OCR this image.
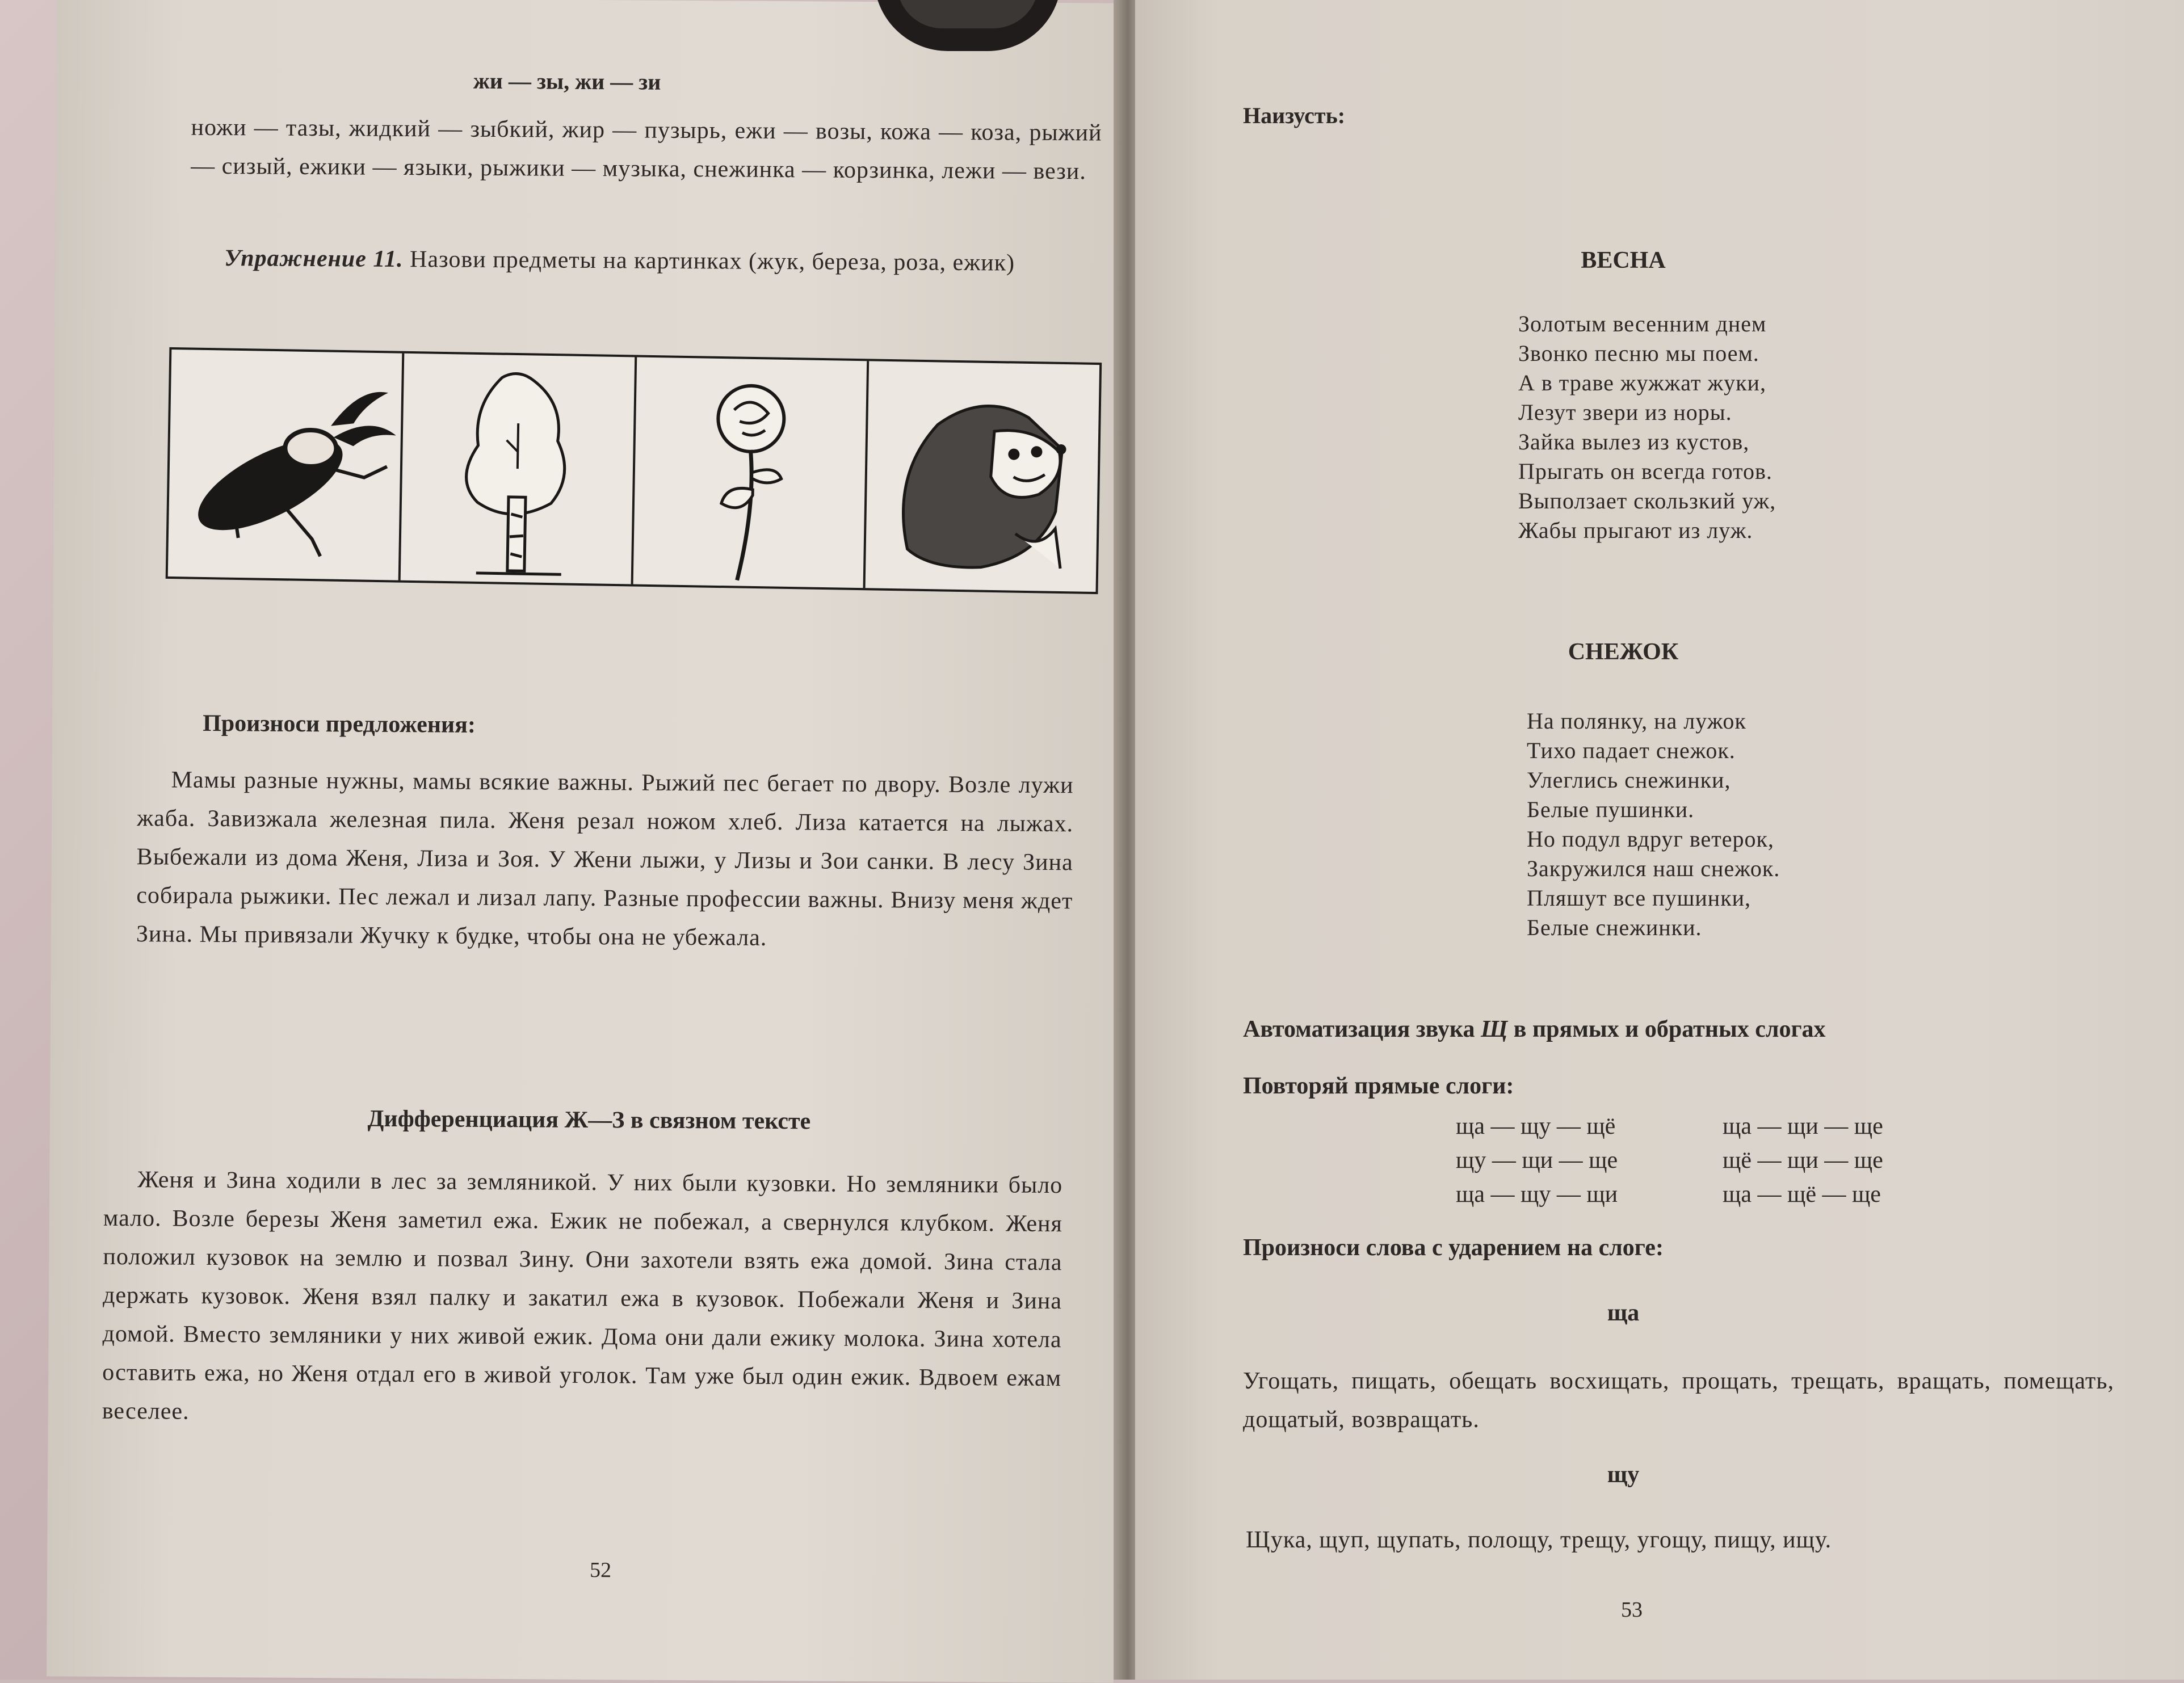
жи — зы, жи — зи
ножи — тазы, жидкий — зыбкий, жир — пузырь, ежи — возы, кожа — коза, рыжий — сизый, ежики — языки, рыжики — музыка, снежинка — корзинка, лежи — вези.
Упражнение 11. Назови предметы на картинках (жук, береза, роза, ежик)
Произноси предложения:
Мамы разные нужны, мамы всякие важны. Рыжий пес бегает по двору. Возле лужи жаба. Завизжала железная пила. Женя резал ножом хлеб. Лиза катается на лыжах. Выбежали из дома Женя, Лиза и Зоя. У Жени лыжи, у Лизы и Зои санки. В лесу Зина собирала рыжики. Пес лежал и лизал лапу. Разные профессии важны. Внизу меня ждет Зина. Мы привязали Жучку к будке, чтобы она не убежала.
Дифференциация Ж—З в связном тексте
Женя и Зина ходили в лес за земляникой. У них были кузовки. Но земляники было мало. Возле березы Женя заметил ежа. Ежик не побежал, а свернулся клубком. Женя положил кузовок на землю и позвал Зину. Они захотели взять ежа домой. Зина стала держать кузовок. Женя взял палку и закатил ежа в кузовок. Побежали Женя и Зина домой. Вместо земляники у них живой ежик. Дома они дали ежику молока. Зина хотела оставить ежа, но Женя отдал его в живой уголок. Там уже был один ежик. Вдвоем ежам веселее.
52
Наизусть:
ВЕСНА
Золотым весенним днем
Звонко песню мы поем.
А в траве жужжат жуки,
Лезут звери из норы.
Зайка вылез из кустов,
Прыгать он всегда готов.
Выползает скользкий уж,
Жабы прыгают из луж.
СНЕЖОК
На полянку, на лужок
Тихо падает снежок.
Улеглись снежинки,
Белые пушинки.
Но подул вдруг ветерок,
Закружился наш снежок.
Пляшут все пушинки,
Белые снежинки.
Автоматизация звука Щ в прямых и обратных слогах
Повторяй прямые слоги:
ща — щу — щё	ща — щи — ще
щу — щи — ще	щё — щи — ще
ща — щу — щи	ща — щё — ще
Произноси слова с ударением на слоге:
ща
Угощать, пищать, обещать восхищать, прощать, трещать, вращать, помещать, дощатый, возвращать.
щу
Щука, щуп, щупать, полощу, трещу, угощу, пищу, ищу.
53
